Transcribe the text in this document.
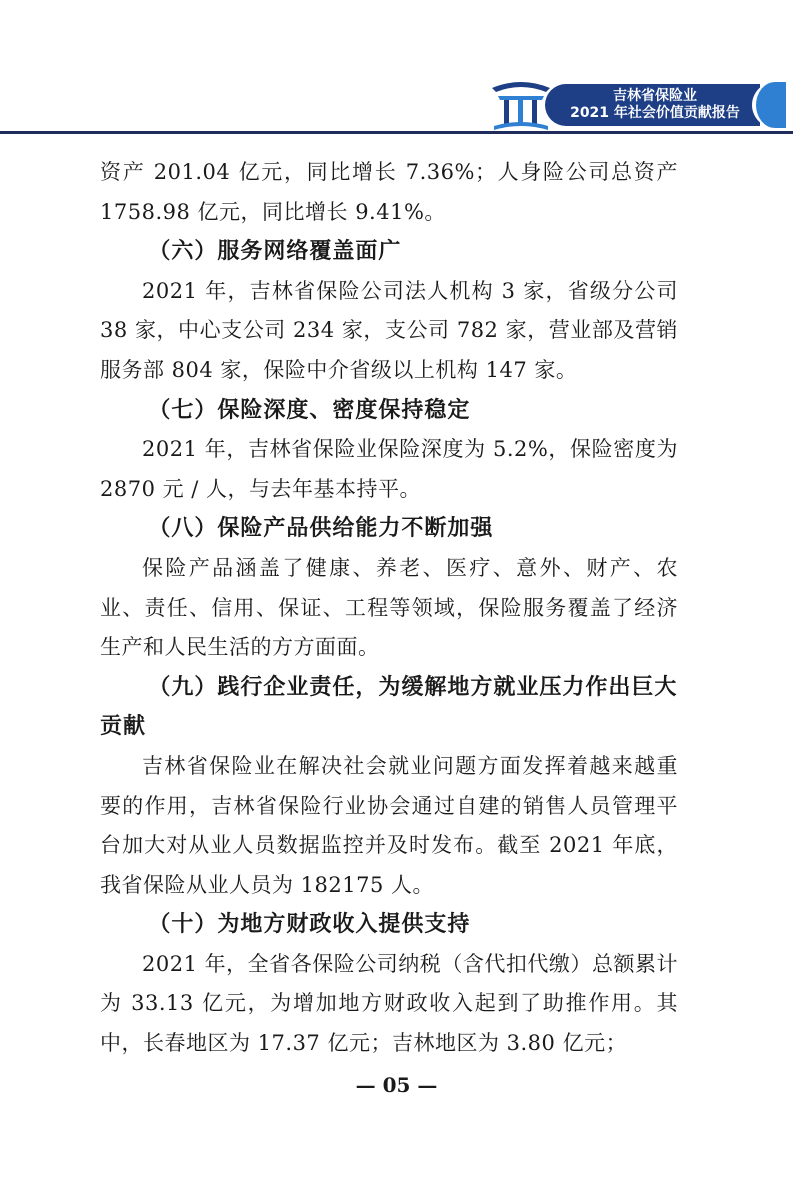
吉林省保险业
2021 年社会价值贡献报告

资产 201.04 亿元，同比增长 7.36%；人身险公司总资产 1758.98 亿元，同比增长 9.41%。

（六）服务网络覆盖面广

2021 年，吉林省保险公司法人机构 3 家，省级分公司 38 家，中心支公司 234 家，支公司 782 家，营业部及营销服务部 804 家，保险中介省级以上机构 147 家。

（七）保险深度、密度保持稳定

2021 年，吉林省保险业保险深度为 5.2%，保险密度为 2870 元 / 人，与去年基本持平。

（八）保险产品供给能力不断加强

保险产品涵盖了健康、养老、医疗、意外、财产、农业、责任、信用、保证、工程等领域，保险服务覆盖了经济生产和人民生活的方方面面。

（九）践行企业责任，为缓解地方就业压力作出巨大贡献

吉林省保险业在解决社会就业问题方面发挥着越来越重要的作用，吉林省保险行业协会通过自建的销售人员管理平台加大对从业人员数据监控并及时发布。截至 2021 年底，我省保险从业人员为 182175 人。

（十）为地方财政收入提供支持

2021 年，全省各保险公司纳税（含代扣代缴）总额累计为 33.13 亿元，为增加地方财政收入起到了助推作用。其中，长春地区为 17.37 亿元；吉林地区为 3.80 亿元；

— 05 —
